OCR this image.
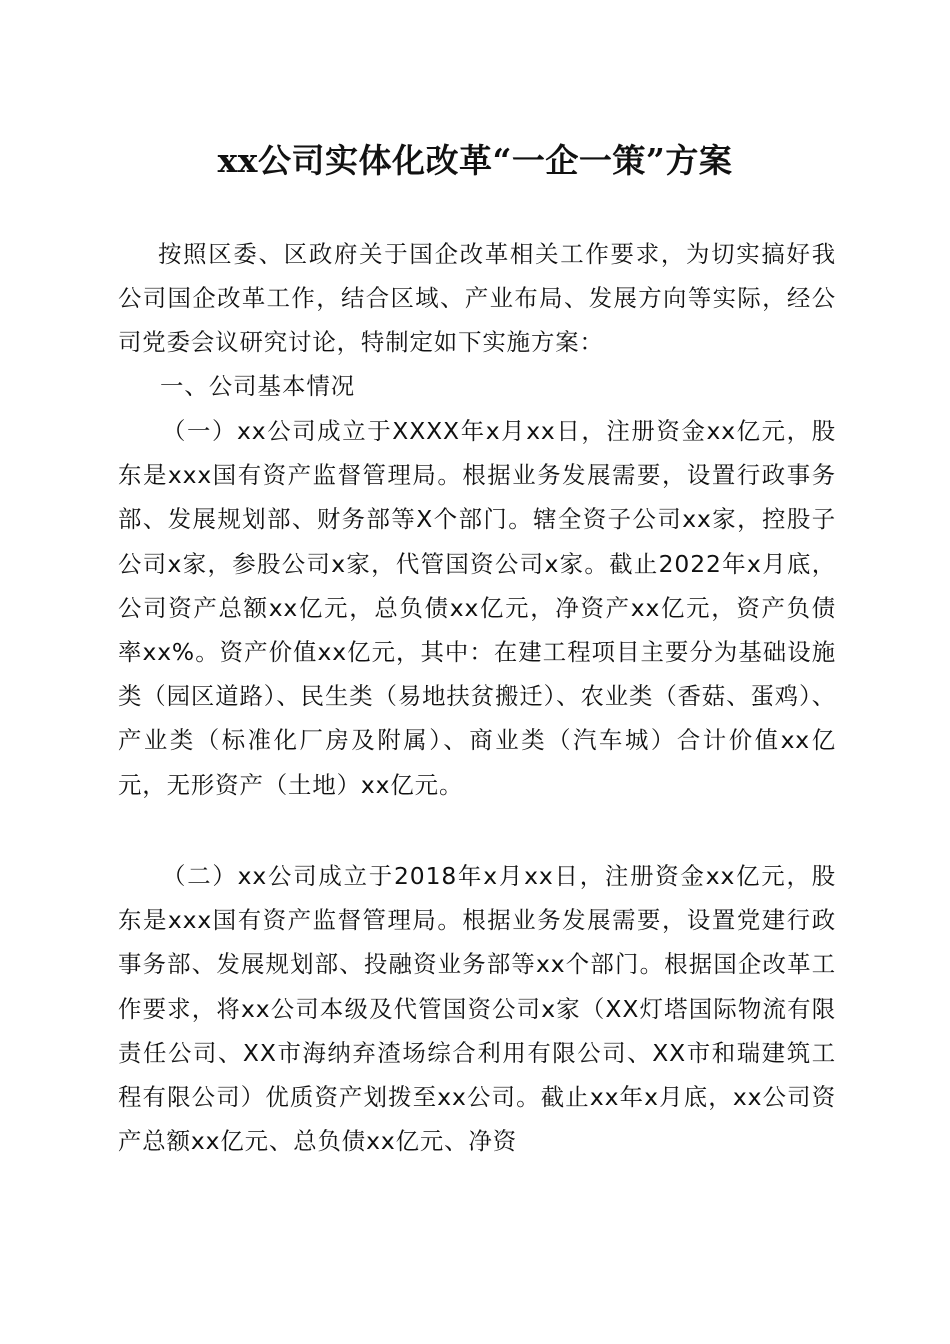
xx公司实体化改革“一企一策”方案
按照区委、区政府关于国企改革相关工作要求，为切实搞好我公司国企改革工作，结合区域、产业布局、发展方向等实际，经公司党委会议研究讨论，特制定如下实施方案：
一、公司基本情况
（一）xx公司成立于XXXX年x月xx日，注册资金xx亿元，股东是xxx国有资产监督管理局。根据业务发展需要，设置行政事务部、发展规划部、财务部等X个部门。辖全资子公司xx家，控股子公司x家，参股公司x家，代管国资公司x家。截止2022年x月底，公司资产总额xx亿元，总负债xx亿元，净资产xx亿元，资产负债率xx%。资产价值xx亿元，其中：在建工程项目主要分为基础设施类（园区道路）、民生类（易地扶贫搬迁）、农业类（香菇、蛋鸡）、产业类（标准化厂房及附属）、商业类（汽车城）合计价值xx亿元，无形资产（土地）xx亿元。
（二）xx公司成立于2018年x月xx日，注册资金xx亿元，股东是xxx国有资产监督管理局。根据业务发展需要，设置党建行政事务部、发展规划部、投融资业务部等xx个部门。根据国企改革工作要求，将xx公司本级及代管国资公司x家（XX灯塔国际物流有限责任公司、XX市海纳弃渣场综合利用有限公司、XX市和瑞建筑工程有限公司）优质资产划拨至xx公司。截止xx年x月底，xx公司资产总额xx亿元、总负债xx亿元、净资
